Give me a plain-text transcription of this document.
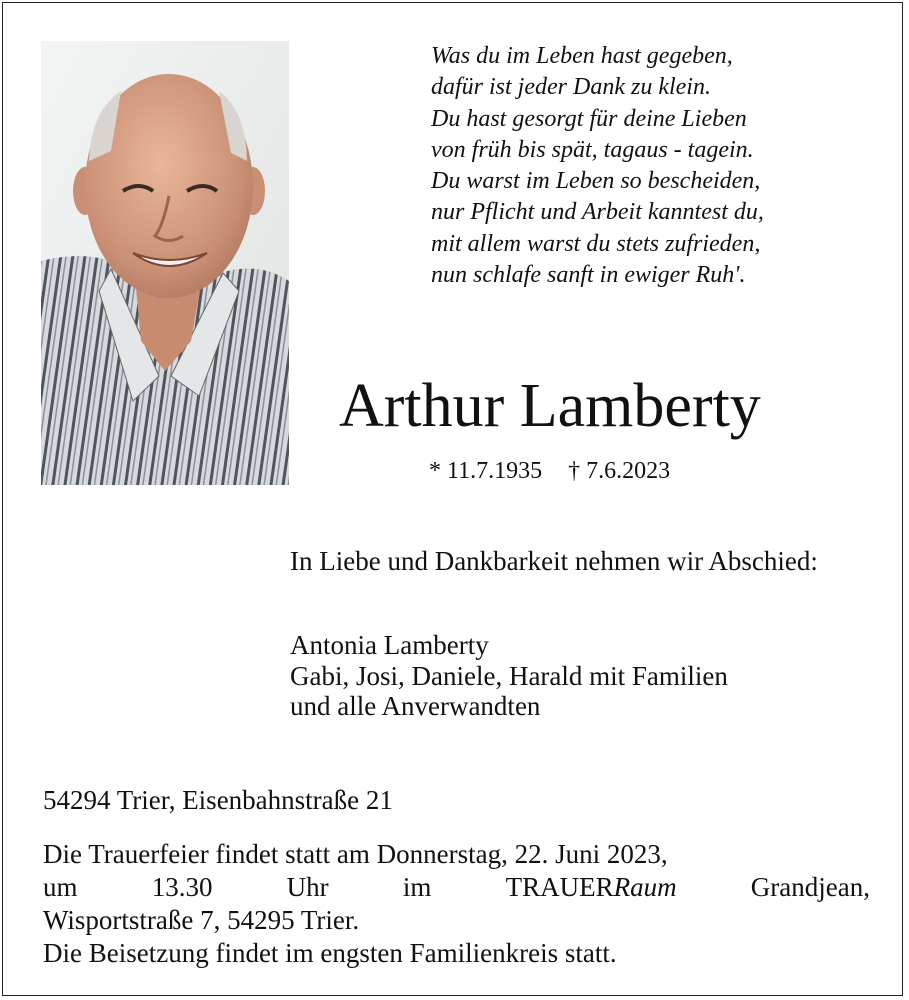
Was du im Leben hast gegeben,
dafür ist jeder Dank zu klein.
Du hast gesorgt für deine Lieben
von früh bis spät, tagaus - tagein.
Du warst im Leben so bescheiden,
nur Pflicht und Arbeit kanntest du,
mit allem warst du stets zufrieden,
nun schlafe sanft in ewiger Ruh'.
Arthur Lamberty
* 11.7.1935 † 7.6.2023
In Liebe und Dankbarkeit nehmen wir Abschied:
Antonia Lamberty
Gabi, Josi, Daniele, Harald mit Familien
und alle Anverwandten
54294 Trier, Eisenbahnstraße 21
Die Trauerfeier findet statt am Donnerstag, 22. Juni 2023,
um	13.30	Uhr	im	TRAUERRaum	Grandjean,
Wisportstraße 7, 54295 Trier.
Die Beisetzung findet im engsten Familienkreis statt.
